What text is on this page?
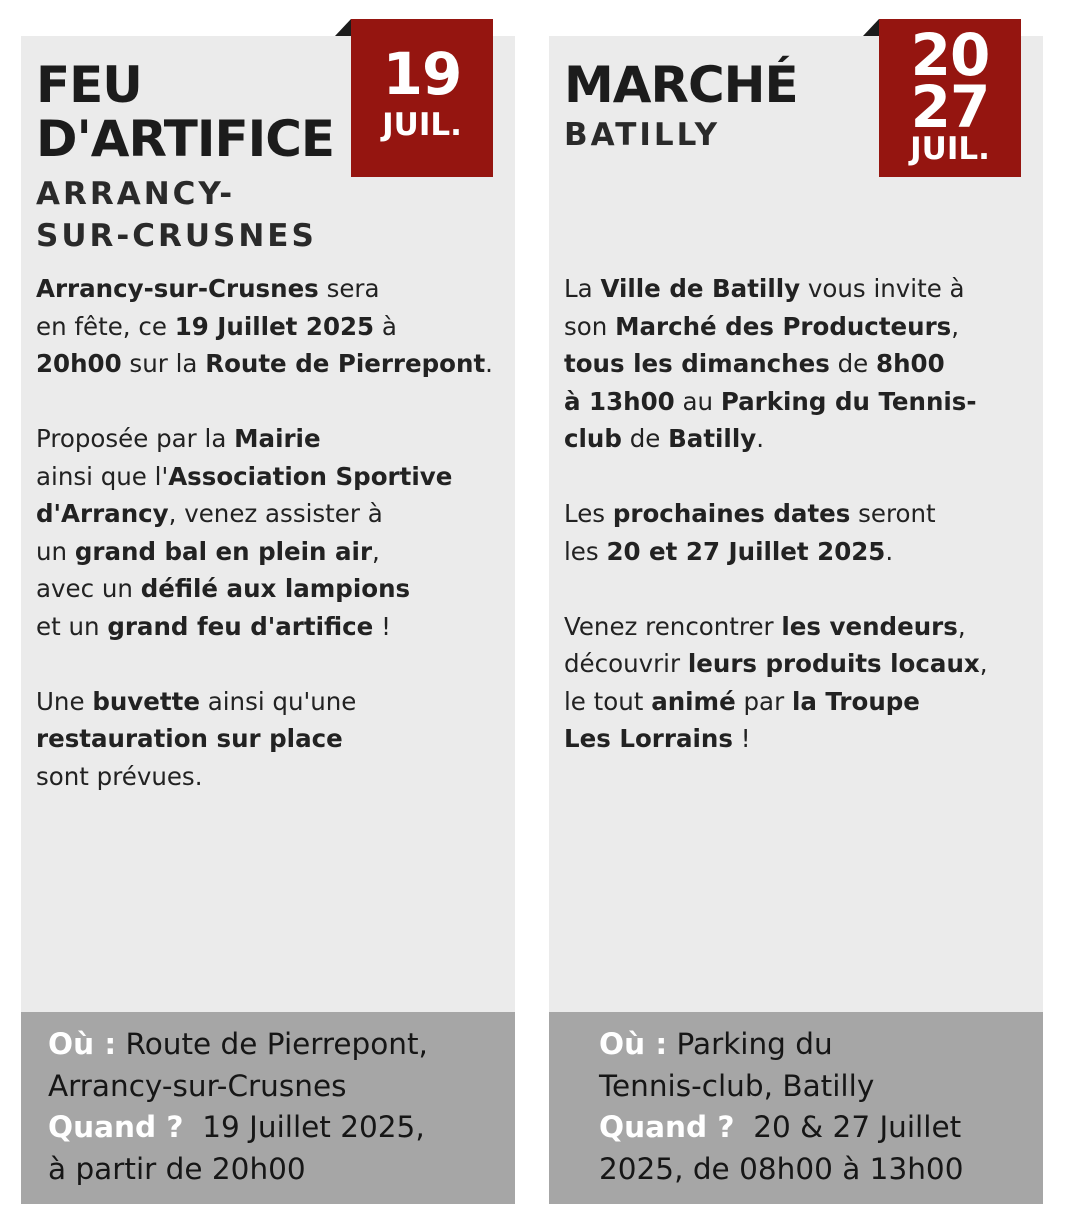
19
JUIL.
FEU
D'ARTIFICE
ARRANCY-
SUR-CRUSNES

Arrancy-sur-Crusnes sera
en fête, ce 19 Juillet 2025 à
20h00 sur la Route de Pierrepont.

Proposée par la Mairie
ainsi que l'Association Sportive
d'Arrancy, venez assister à
un grand bal en plein air,
avec un défilé aux lampions
et un grand feu d'artifice !

Une buvette ainsi qu'une
restauration sur place
sont prévues.

Où : Route de Pierrepont,
Arrancy-sur-Crusnes
Quand ?  19 Juillet 2025,
à partir de 20h00
20
27
JUIL.
MARCHÉ
BATILLY

La Ville de Batilly vous invite à
son Marché des Producteurs,
tous les dimanches de 8h00
à 13h00 au Parking du Tennis-
club de Batilly.

Les prochaines dates seront
les 20 et 27 Juillet 2025.

Venez rencontrer les vendeurs,
découvrir leurs produits locaux,
le tout animé par la Troupe
Les Lorrains !

Où : Parking du
Tennis-club, Batilly
Quand ?  20 & 27 Juillet
2025, de 08h00 à 13h00
